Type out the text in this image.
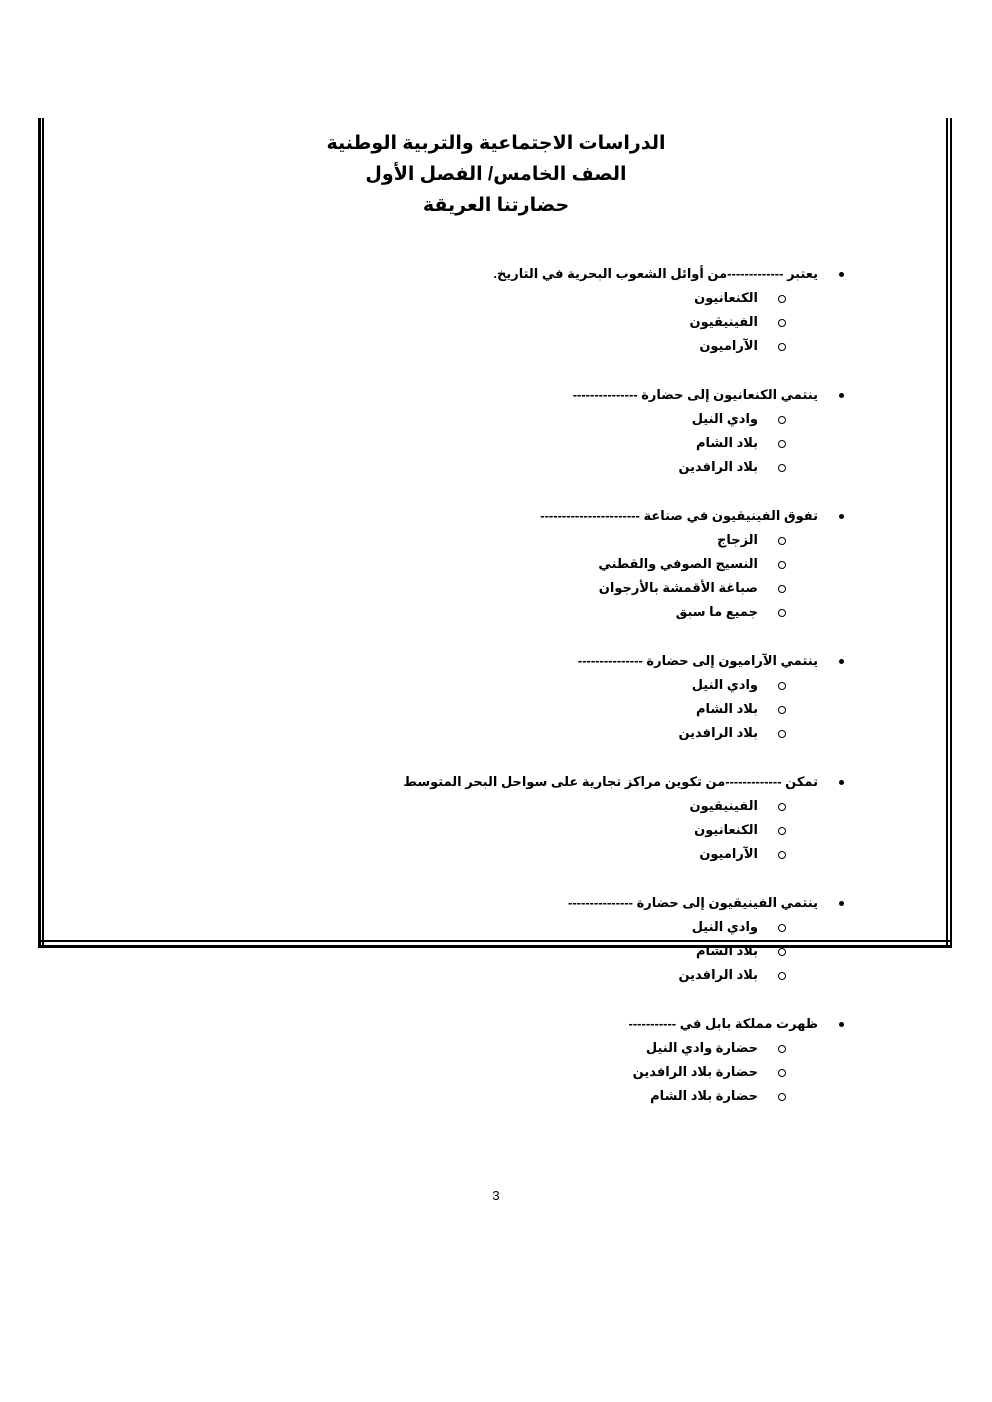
الدراسات الاجتماعية والتربية الوطنية
الصف الخامس/ الفصل الأول
حضارتنا العريقة
يعتبر -------------من أوائل الشعوب البحرية في التاريخ.
الكنعانيون
الفينيقيون
الآراميون
ينتمي الكنعانيون إلى حضارة ---------------
وادي النيل
بلاد الشام
بلاد الرافدين
تفوق الفينيقيون في صناعة -----------------------
الزجاج
النسيج الصوفي والقطني
صباغة الأقمشة بالأرجوان
جميع ما سبق
ينتمي الآراميون إلى حضارة ---------------
وادي النيل
بلاد الشام
بلاد الرافدين
تمكن -------------من تكوين مراكز تجارية على سواحل البحر المتوسط
الفينيقيون
الكنعانيون
الآراميون
ينتمي الفينيقيون إلى حضارة ---------------
وادي النيل
بلاد الشام
بلاد الرافدين
ظهرت مملكة بابل في -----------
حضارة وادي النيل
حضارة بلاد الرافدين
حضارة بلاد الشام
3
